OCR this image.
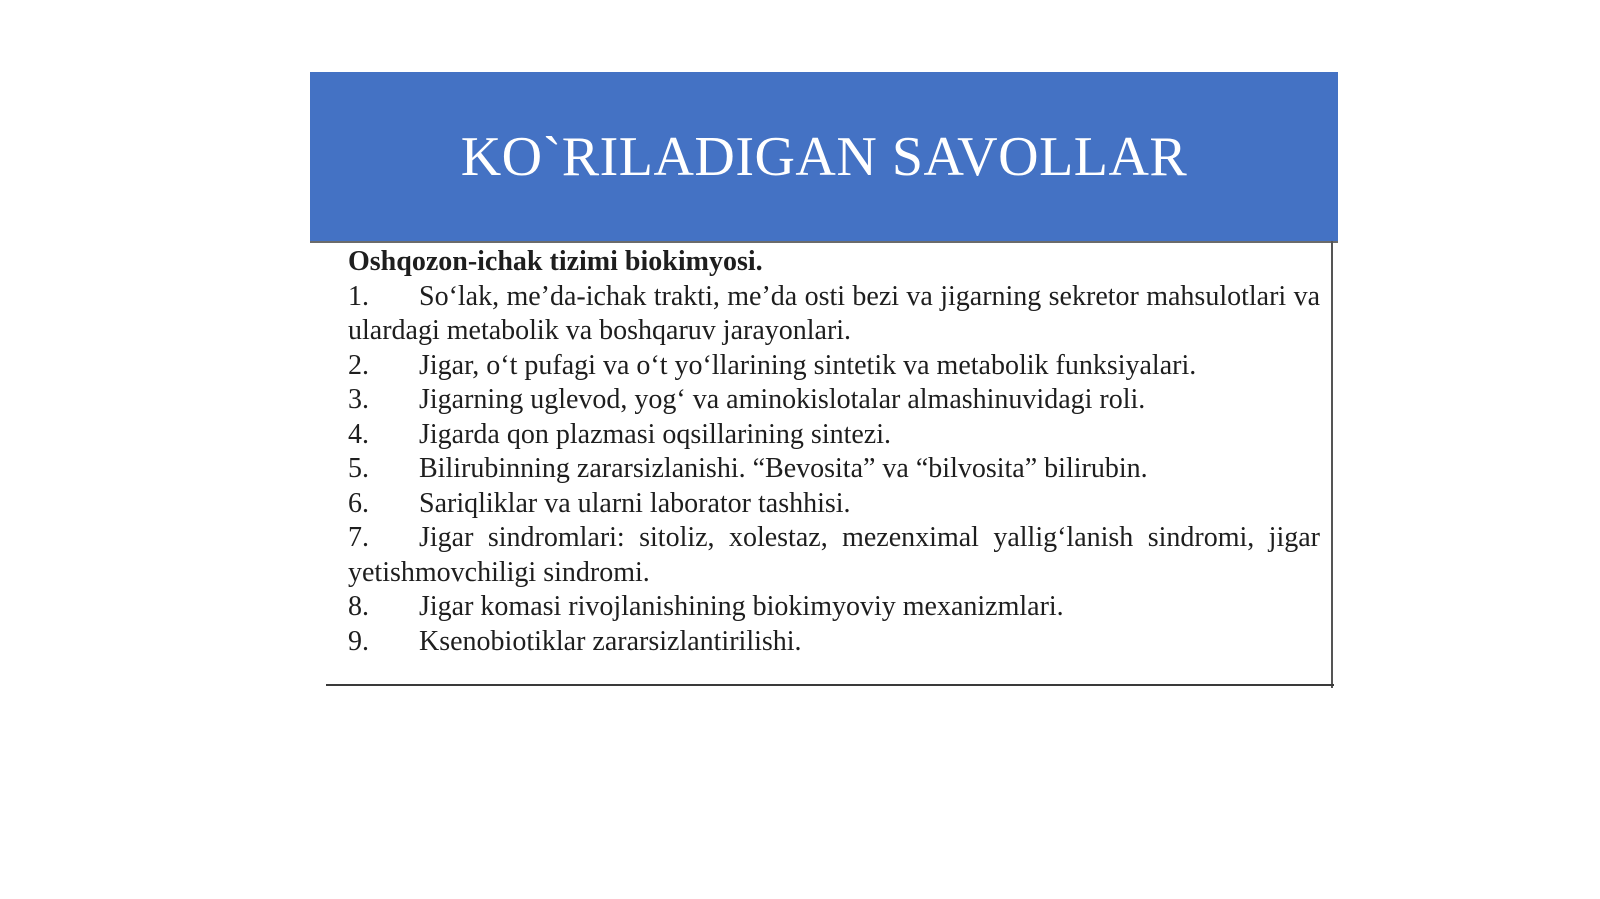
KO`RILADIGAN SAVOLLAR

Oshqozon-ichak tizimi biokimyosi.

1. So‘lak, me’da-ichak trakti, me’da osti bezi va jigarning sekretor mahsulotlari va ulardagi metabolik va boshqaruv jarayonlari.
2.	Jigar, o‘t pufagi va o‘t yo‘llarining sintetik va metabolik funksiyalari.
3.	Jigarning uglevod, yog‘ va aminokislotalar almashinuvidagi roli.
4.	Jigarda qon plazmasi oqsillarining sintezi.
5.	Bilirubinning zararsizlanishi. “Bevosita” va “bilvosita” bilirubin.
6.	Sariqliklar va ularni laborator tashhisi.
7. Jigar sindromlari: sitoliz, xolestaz, mezenximal yallig‘lanish sindromi, jigar yetishmovchiligi sindromi.
8.	Jigar komasi rivojlanishining biokimyoviy mexanizmlari.
9.	Ksenobiotiklar zararsizlantirilishi.
